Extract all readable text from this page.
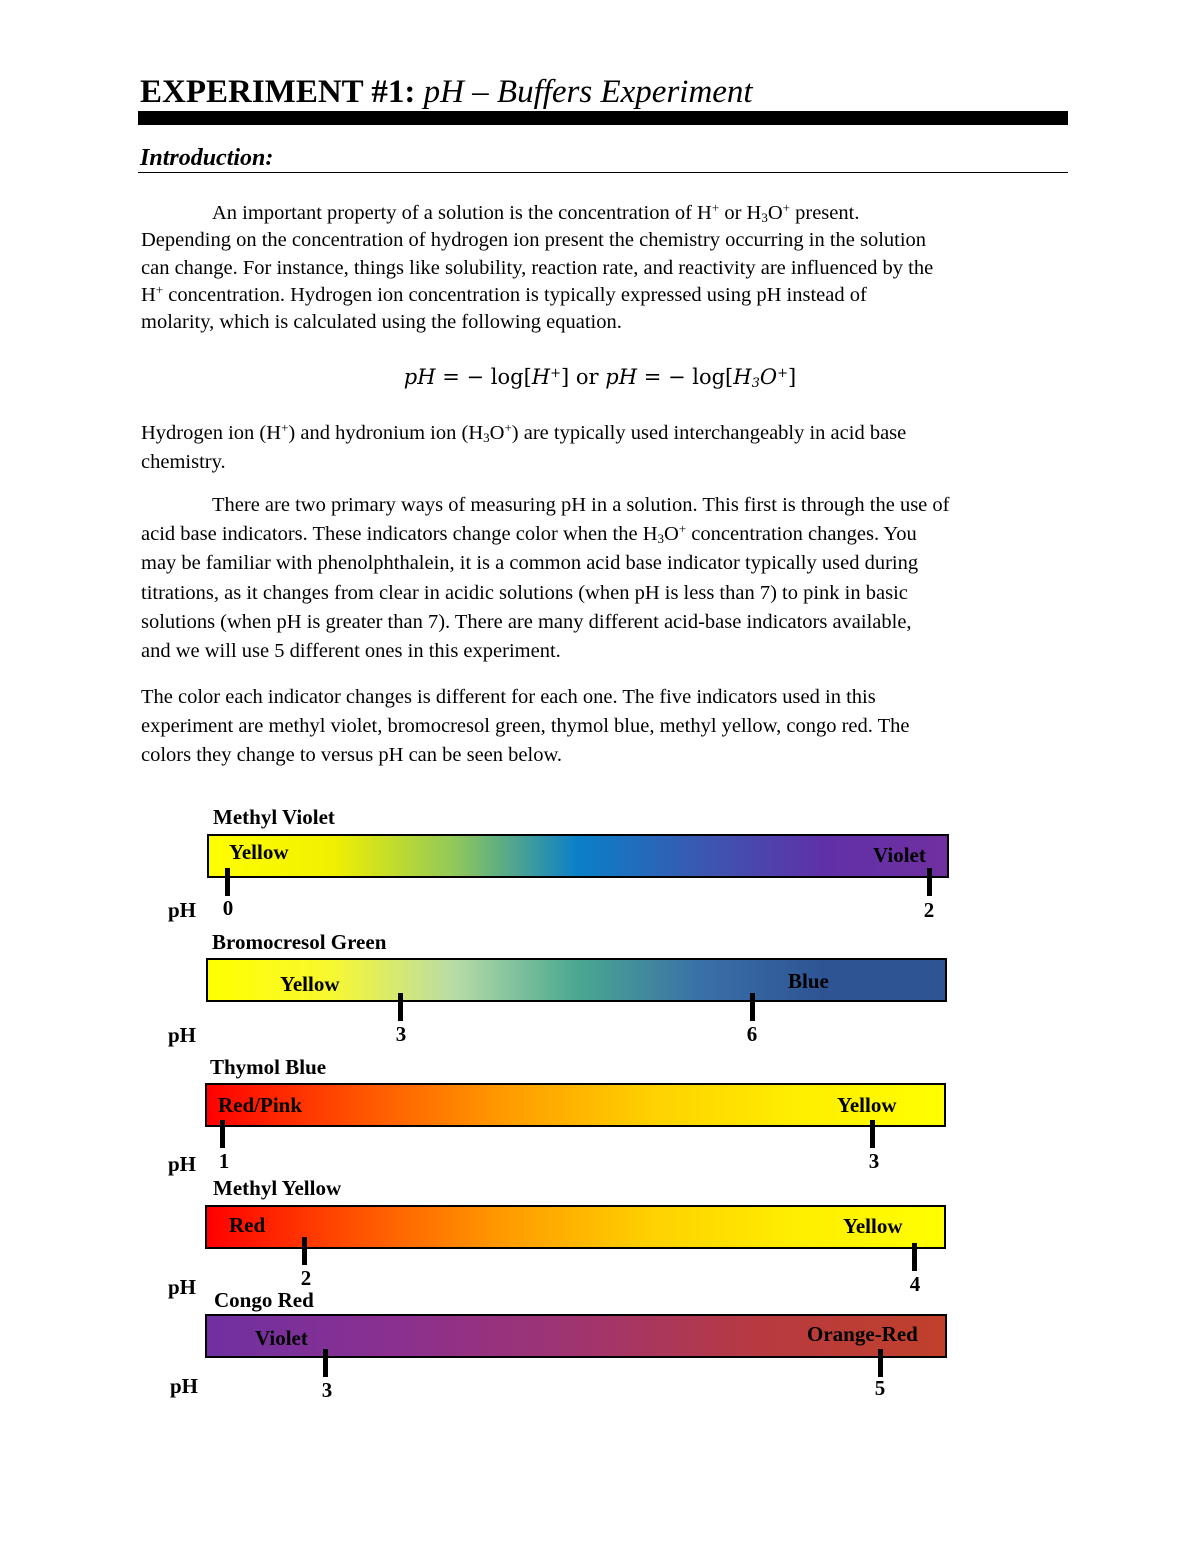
EXPERIMENT #1: pH – Buffers Experiment
Introduction:
An important property of a solution is the concentration of H+ or $H_3O^+$ present.
Depending on the concentration of hydrogen ion present the chemistry occurring in the solution
can change. For instance, things like solubility, reaction rate, and reactivity are influenced by the
H+ concentration. Hydrogen ion concentration is typically expressed using pH instead of
molarity, which is calculated using the following equation.
pH = − log[H+] or pH = − $\log[H_3O^+]$
Hydrogen ion (H+) and hydronium ion $(H_3O^+)$ are typically used interchangeably in acid base
chemistry.
There are two primary ways of measuring pH in a solution. This first is through the use of
acid base indicators. These indicators change color when the $H_3O^+$ concentration changes. You
may be familiar with phenolphthalein, it is a common acid base indicator typically used during
titrations, as it changes from clear in acidic solutions (when pH is less than 7) to pink in basic
solutions (when pH is greater than 7). There are many different acid-base indicators available,
and we will use 5 different ones in this experiment.
The color each indicator changes is different for each one. The five indicators used in this
experiment are methyl violet, bromocresol green, thymol blue, methyl yellow, congo red. The
colors they change to versus pH can be seen below.
Methyl Violet
Yellow	Violet
pH 0	2
Bromocresol Green
Yellow	Blue
pH	3	6
Thymol Blue
Red/Pink	Yellow
pH 1	3
Methyl Yellow
Red	Yellow
pH	2	4
Congo Red
Violet	Orange-Red
pH	3	5
